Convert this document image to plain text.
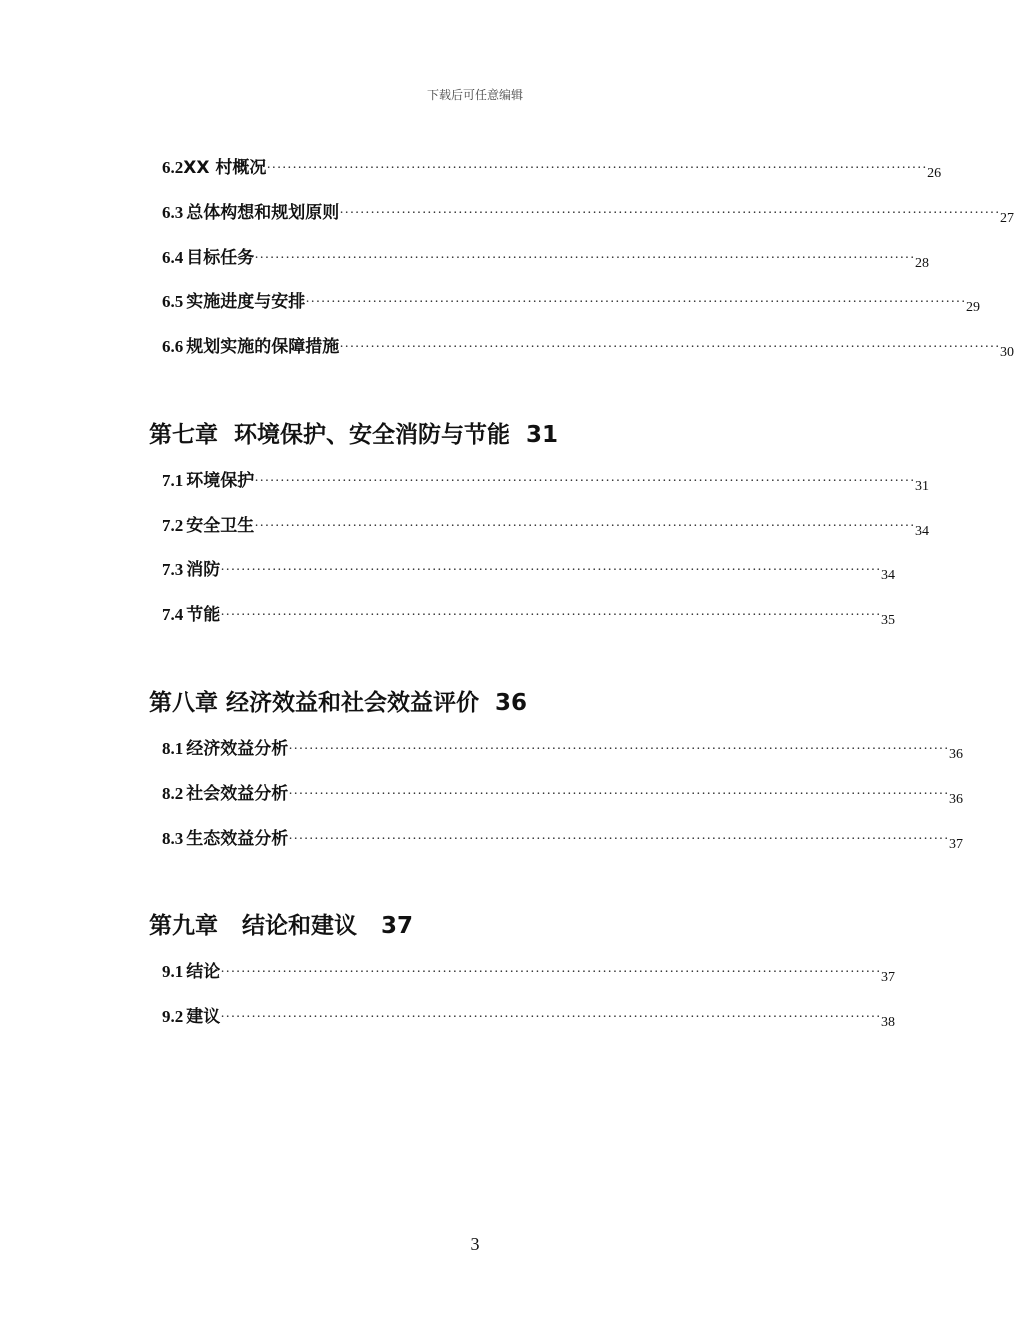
下载后可任意编辑
6.2 XX 村概况 ································································································································ 26
6.3 总体构想和规划原则 ································································································································ 27
6.4 目标任务 ································································································································ 28
6.5 实施进度与安排 ································································································································ 29
6.6 规划实施的保障措施 ································································································································ 30
第七章  环境保护、安全消防与节能  31
7.1 环境保护 ································································································································ 31
7.2 安全卫生 ································································································································ 34
7.3 消防 ································································································································ 34
7.4 节能 ································································································································ 35
第八章 经济效益和社会效益评价  36
8.1 经济效益分析 ································································································································ 36
8.2 社会效益分析 ································································································································ 36
8.3 生态效益分析 ································································································································ 37
第九章   结论和建议   37
9.1 结论 ································································································································ 37
9.2 建议 ································································································································ 38
3
